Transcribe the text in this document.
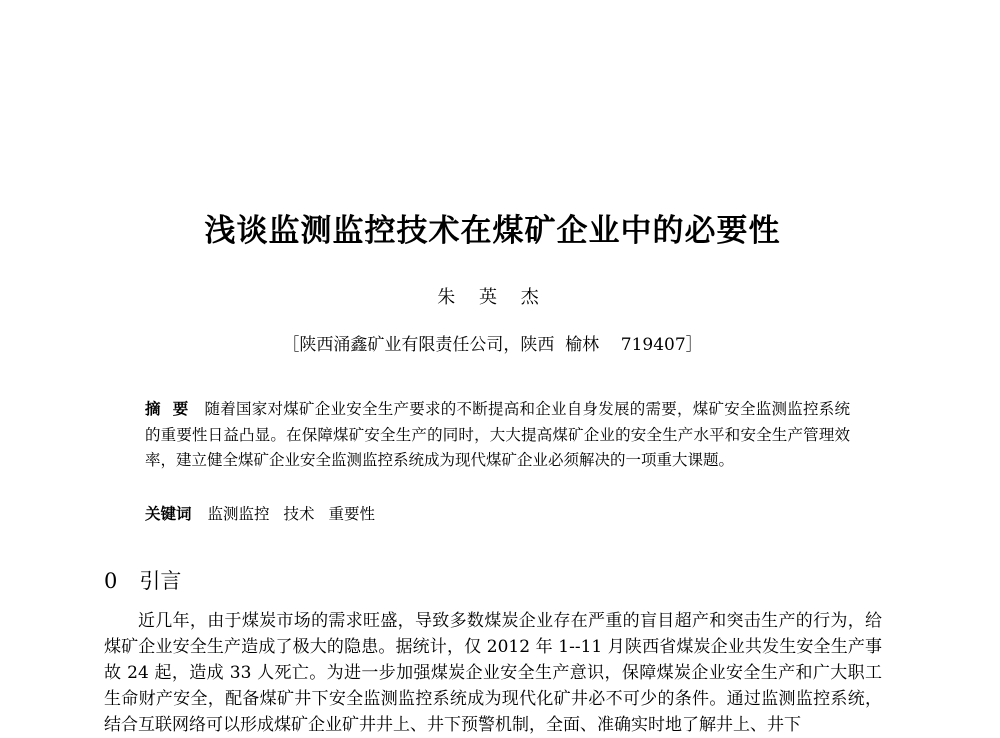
浅谈监测监控技术在煤矿企业中的必要性
朱 英 杰
［陕西涌鑫矿业有限责任公司，陕西 榆林 719407］
摘要 随着国家对煤矿企业安全生产要求的不断提高和企业自身发展的需要，煤矿安全监测监控系统的重要性日益凸显。在保障煤矿安全生产的同时，大大提高煤矿企业的安全生产水平和安全生产管理效率，建立健全煤矿企业安全监测监控系统成为现代煤矿企业必须解决的一项重大课题。
关键词 监测监控 技术 重要性
0 引言
近几年，由于煤炭市场的需求旺盛，导致多数煤炭企业存在严重的盲目超产和突击生产的行为，给煤矿企业安全生产造成了极大的隐患。据统计，仅 2012 年 1--11 月陕西省煤炭企业共发生安全生产事故 24 起，造成 33 人死亡。为进一步加强煤炭企业安全生产意识，保障煤炭企业安全生产和广大职工生命财产安全，配备煤矿井下安全监测监控系统成为现代化矿井必不可少的条件。通过监测监控系统，结合互联网络可以形成煤矿企业矿井井上、井下预警机制，全面、准确实时地了解井上、井下
